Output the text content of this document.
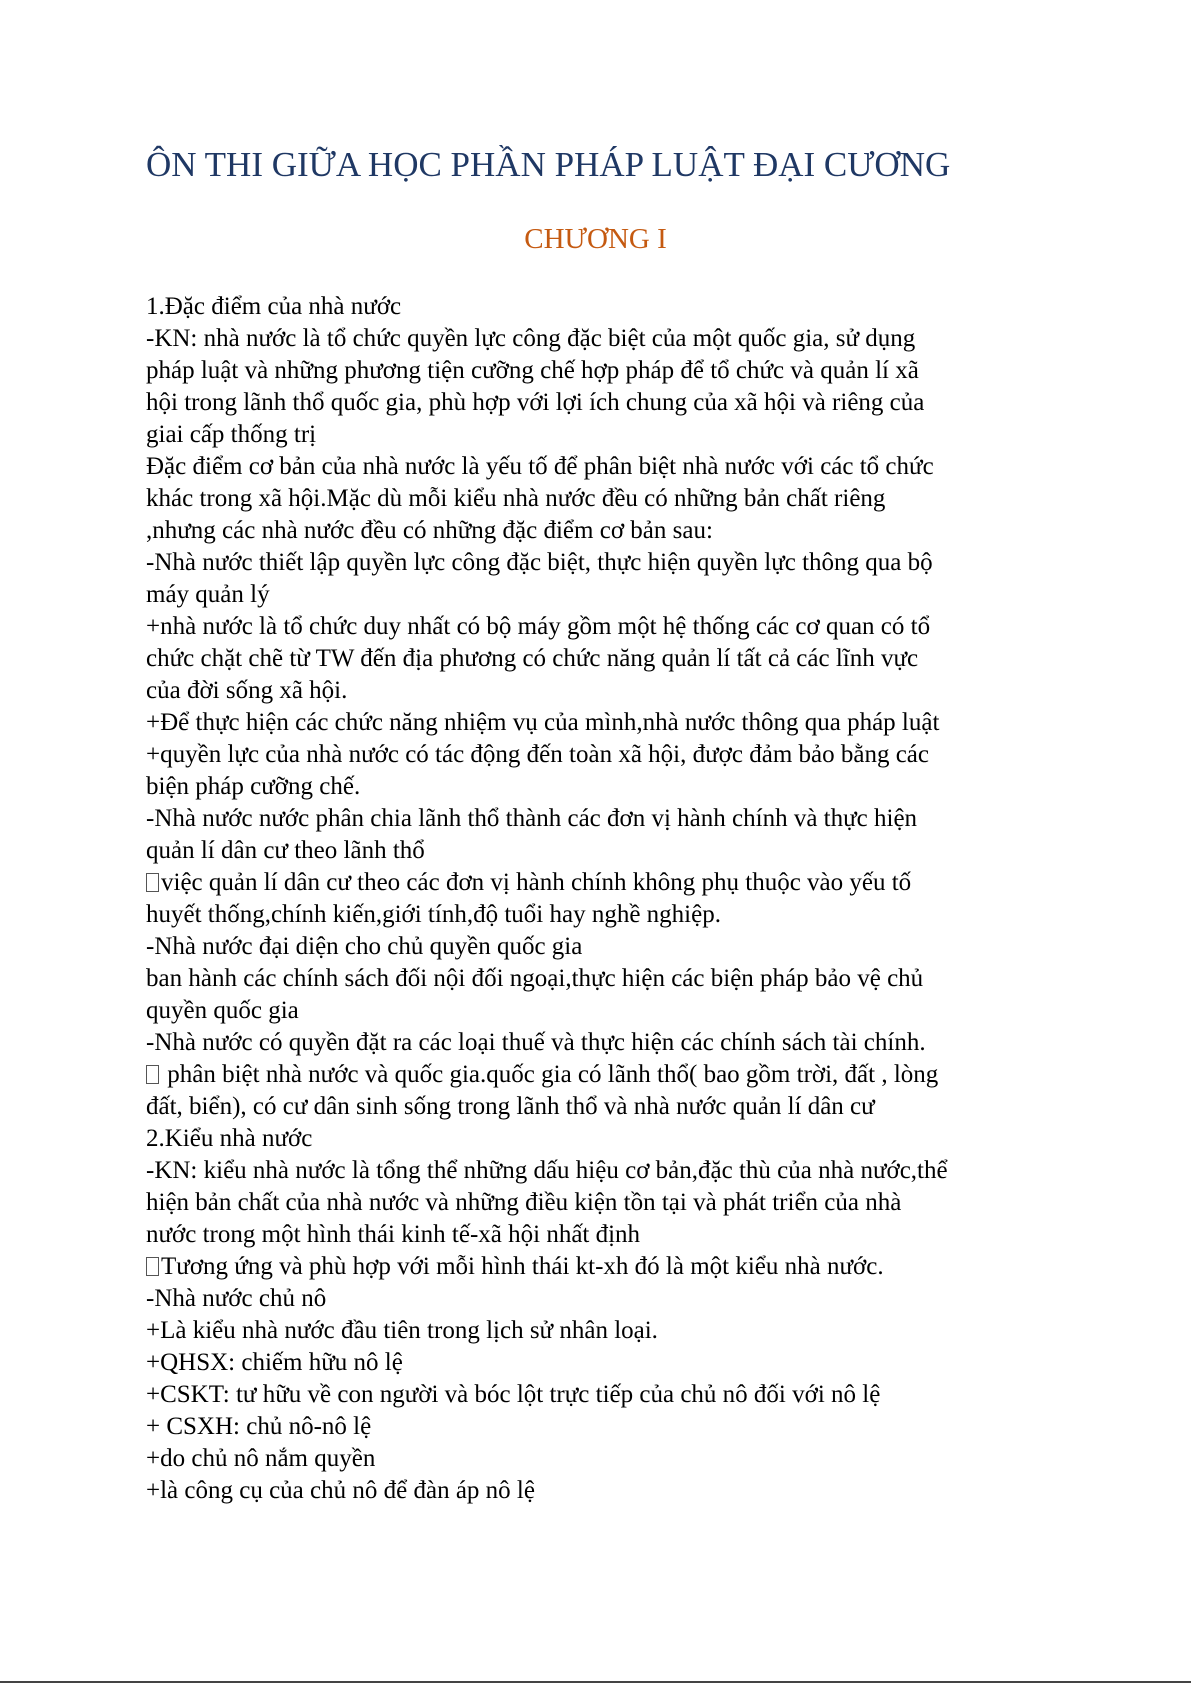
ÔN THI GIỮA HỌC PHẦN PHÁP LUẬT ĐẠI CƯƠNG
CHƯƠNG I
1.Đặc điểm của nhà nước
-KN: nhà nước là tổ chức quyền lực công đặc biệt của một quốc gia, sử dụng
pháp luật và những phương tiện cưỡng chế hợp pháp để tổ chức và quản lí xã
hội trong lãnh thổ quốc gia, phù hợp với lợi ích chung của xã hội và riêng của
giai cấp thống trị
Đặc điểm cơ bản của nhà nước là yếu tố để phân biệt nhà nước với các tổ chức
khác trong xã hội.Mặc dù mỗi kiểu nhà nước đều có những bản chất riêng
,nhưng các nhà nước đều có những đặc điểm cơ bản sau:
-Nhà nước thiết lập quyền lực công đặc biệt, thực hiện quyền lực thông qua bộ
máy quản lý
+nhà nước là tổ chức duy nhất có bộ máy gồm một hệ thống các cơ quan có tổ
chức chặt chẽ từ TW đến địa phương có chức năng quản lí tất cả các lĩnh vực
của đời sống xã hội.
+Để thực hiện các chức năng nhiệm vụ của mình,nhà nước thông qua pháp luật
+quyền lực của nhà nước có tác động đến toàn xã hội, được đảm bảo bằng các
biện pháp cưỡng chế.
-Nhà nước nước phân chia lãnh thổ thành các đơn vị hành chính và thực hiện
quản lí dân cư theo lãnh thổ
việc quản lí dân cư theo các đơn vị hành chính không phụ thuộc vào yếu tố
huyết thống,chính kiến,giới tính,độ tuổi hay nghề nghiệp.
-Nhà nước đại diện cho chủ quyền quốc gia
ban hành các chính sách đối nội đối ngoại,thực hiện các biện pháp bảo vệ chủ
quyền quốc gia
-Nhà nước có quyền đặt ra các loại thuế và thực hiện các chính sách tài chính.
phân biệt nhà nước và quốc gia.quốc gia có lãnh thổ( bao gồm trời, đất , lòng
đất, biển), có cư dân sinh sống trong lãnh thổ và nhà nước quản lí dân cư
2.Kiểu nhà nước
-KN: kiểu nhà nước là tổng thể những dấu hiệu cơ bản,đặc thù của nhà nước,thể
hiện bản chất của nhà nước và những điều kiện tồn tại và phát triển của nhà
nước trong một hình thái kinh tế-xã hội nhất định
Tương ứng và phù hợp với mỗi hình thái kt-xh đó là một kiểu nhà nước.
-Nhà nước chủ nô
+Là kiểu nhà nước đầu tiên trong lịch sử nhân loại.
+QHSX: chiếm hữu nô lệ
+CSKT: tư hữu về con người và bóc lột trực tiếp của chủ nô đối với nô lệ
+ CSXH: chủ nô-nô lệ
+do chủ nô nắm quyền
+là công cụ của chủ nô để đàn áp nô lệ
